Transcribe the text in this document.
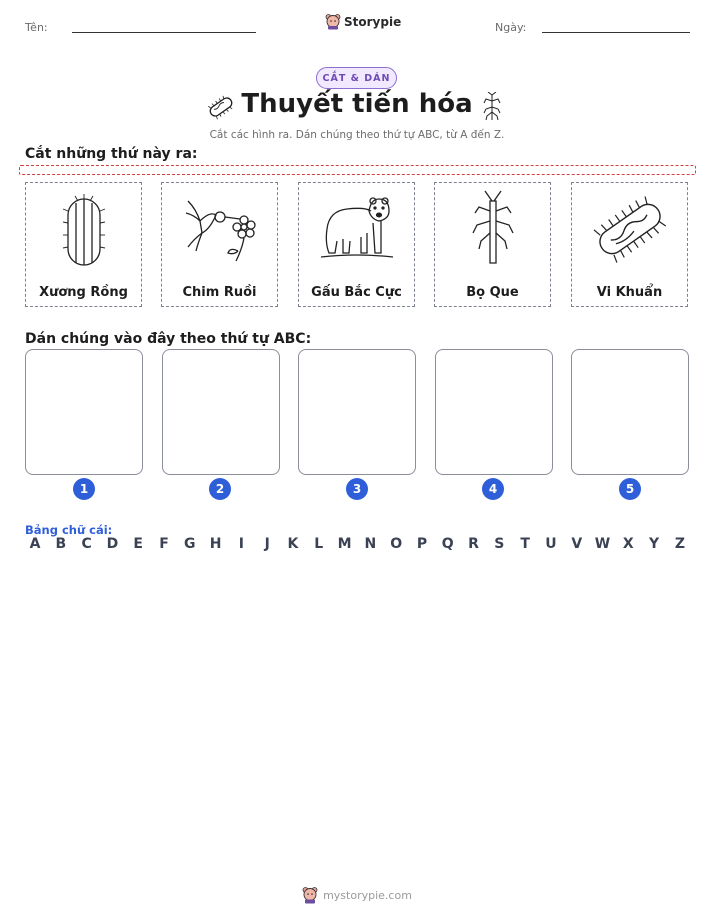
Tên:	Storypie	Ngày:
CẮT & DÁN
Thuyết tiến hóa
Cắt các hình ra. Dán chúng theo thứ tự ABC, từ A đến Z.
Cắt những thứ này ra:
Xương Rồng	Chim Ruồi	Gấu Bắc Cực	Bọ Que	Vi Khuẩn
Dán chúng vào đây theo thứ tự ABC:
1	2	3	4	5
Bảng chữ cái:
A	B	C	D	E	F	G	H	I	J	K	L	M N O	P	Q	R	S	T	U	V W X	Y	Z
mystorypie.com
